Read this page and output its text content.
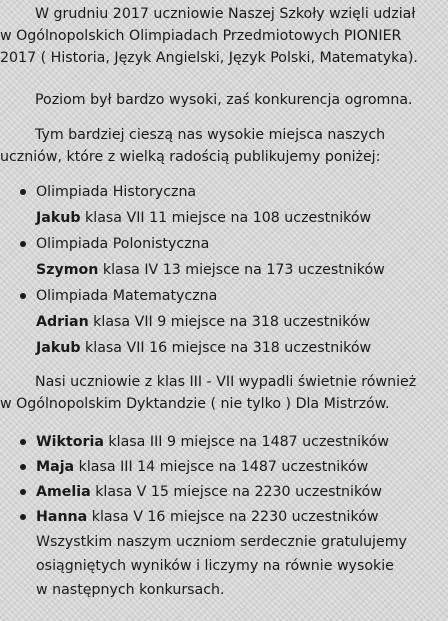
W grudniu 2017 uczniowie Naszej Szkoły wzięli udział
w Ogólnopolskich Olimpiadach Przedmiotowych PIONIER
2017 ( Historia, Język Angielski, Język Polski, Matematyka).

Poziom był bardzo wysoki, zaś konkurencja ogromna.

Tym bardziej cieszą nas wysokie miejsca naszych
uczniów, które z wielką radością publikujemy poniżej:

Olimpiada Historyczna
Jakub klasa VII 11 miejsce na 108 uczestników
Olimpiada Polonistyczna
Szymon klasa IV 13 miejsce na 173 uczestników
Olimpiada Matematyczna
Adrian klasa VII 9 miejsce na 318 uczestników
Jakub klasa VII 16 miejsce na 318 uczestników

Nasi uczniowie z klas III - VII wypadli świetnie również
w Ogólnopolskim Dyktandzie ( nie tylko ) Dla Mistrzów.

Wiktoria klasa III 9 miejsce na 1487 uczestników
Maja klasa III 14 miejsce na 1487 uczestników
Amelia klasa V 15 miejsce na 2230 uczestników
Hanna klasa V 16 miejsce na 2230 uczestników

Wszystkim naszym uczniom serdecznie gratulujemy
osiągniętych wyników i liczymy na równie wysokie
w następnych konkursach.
